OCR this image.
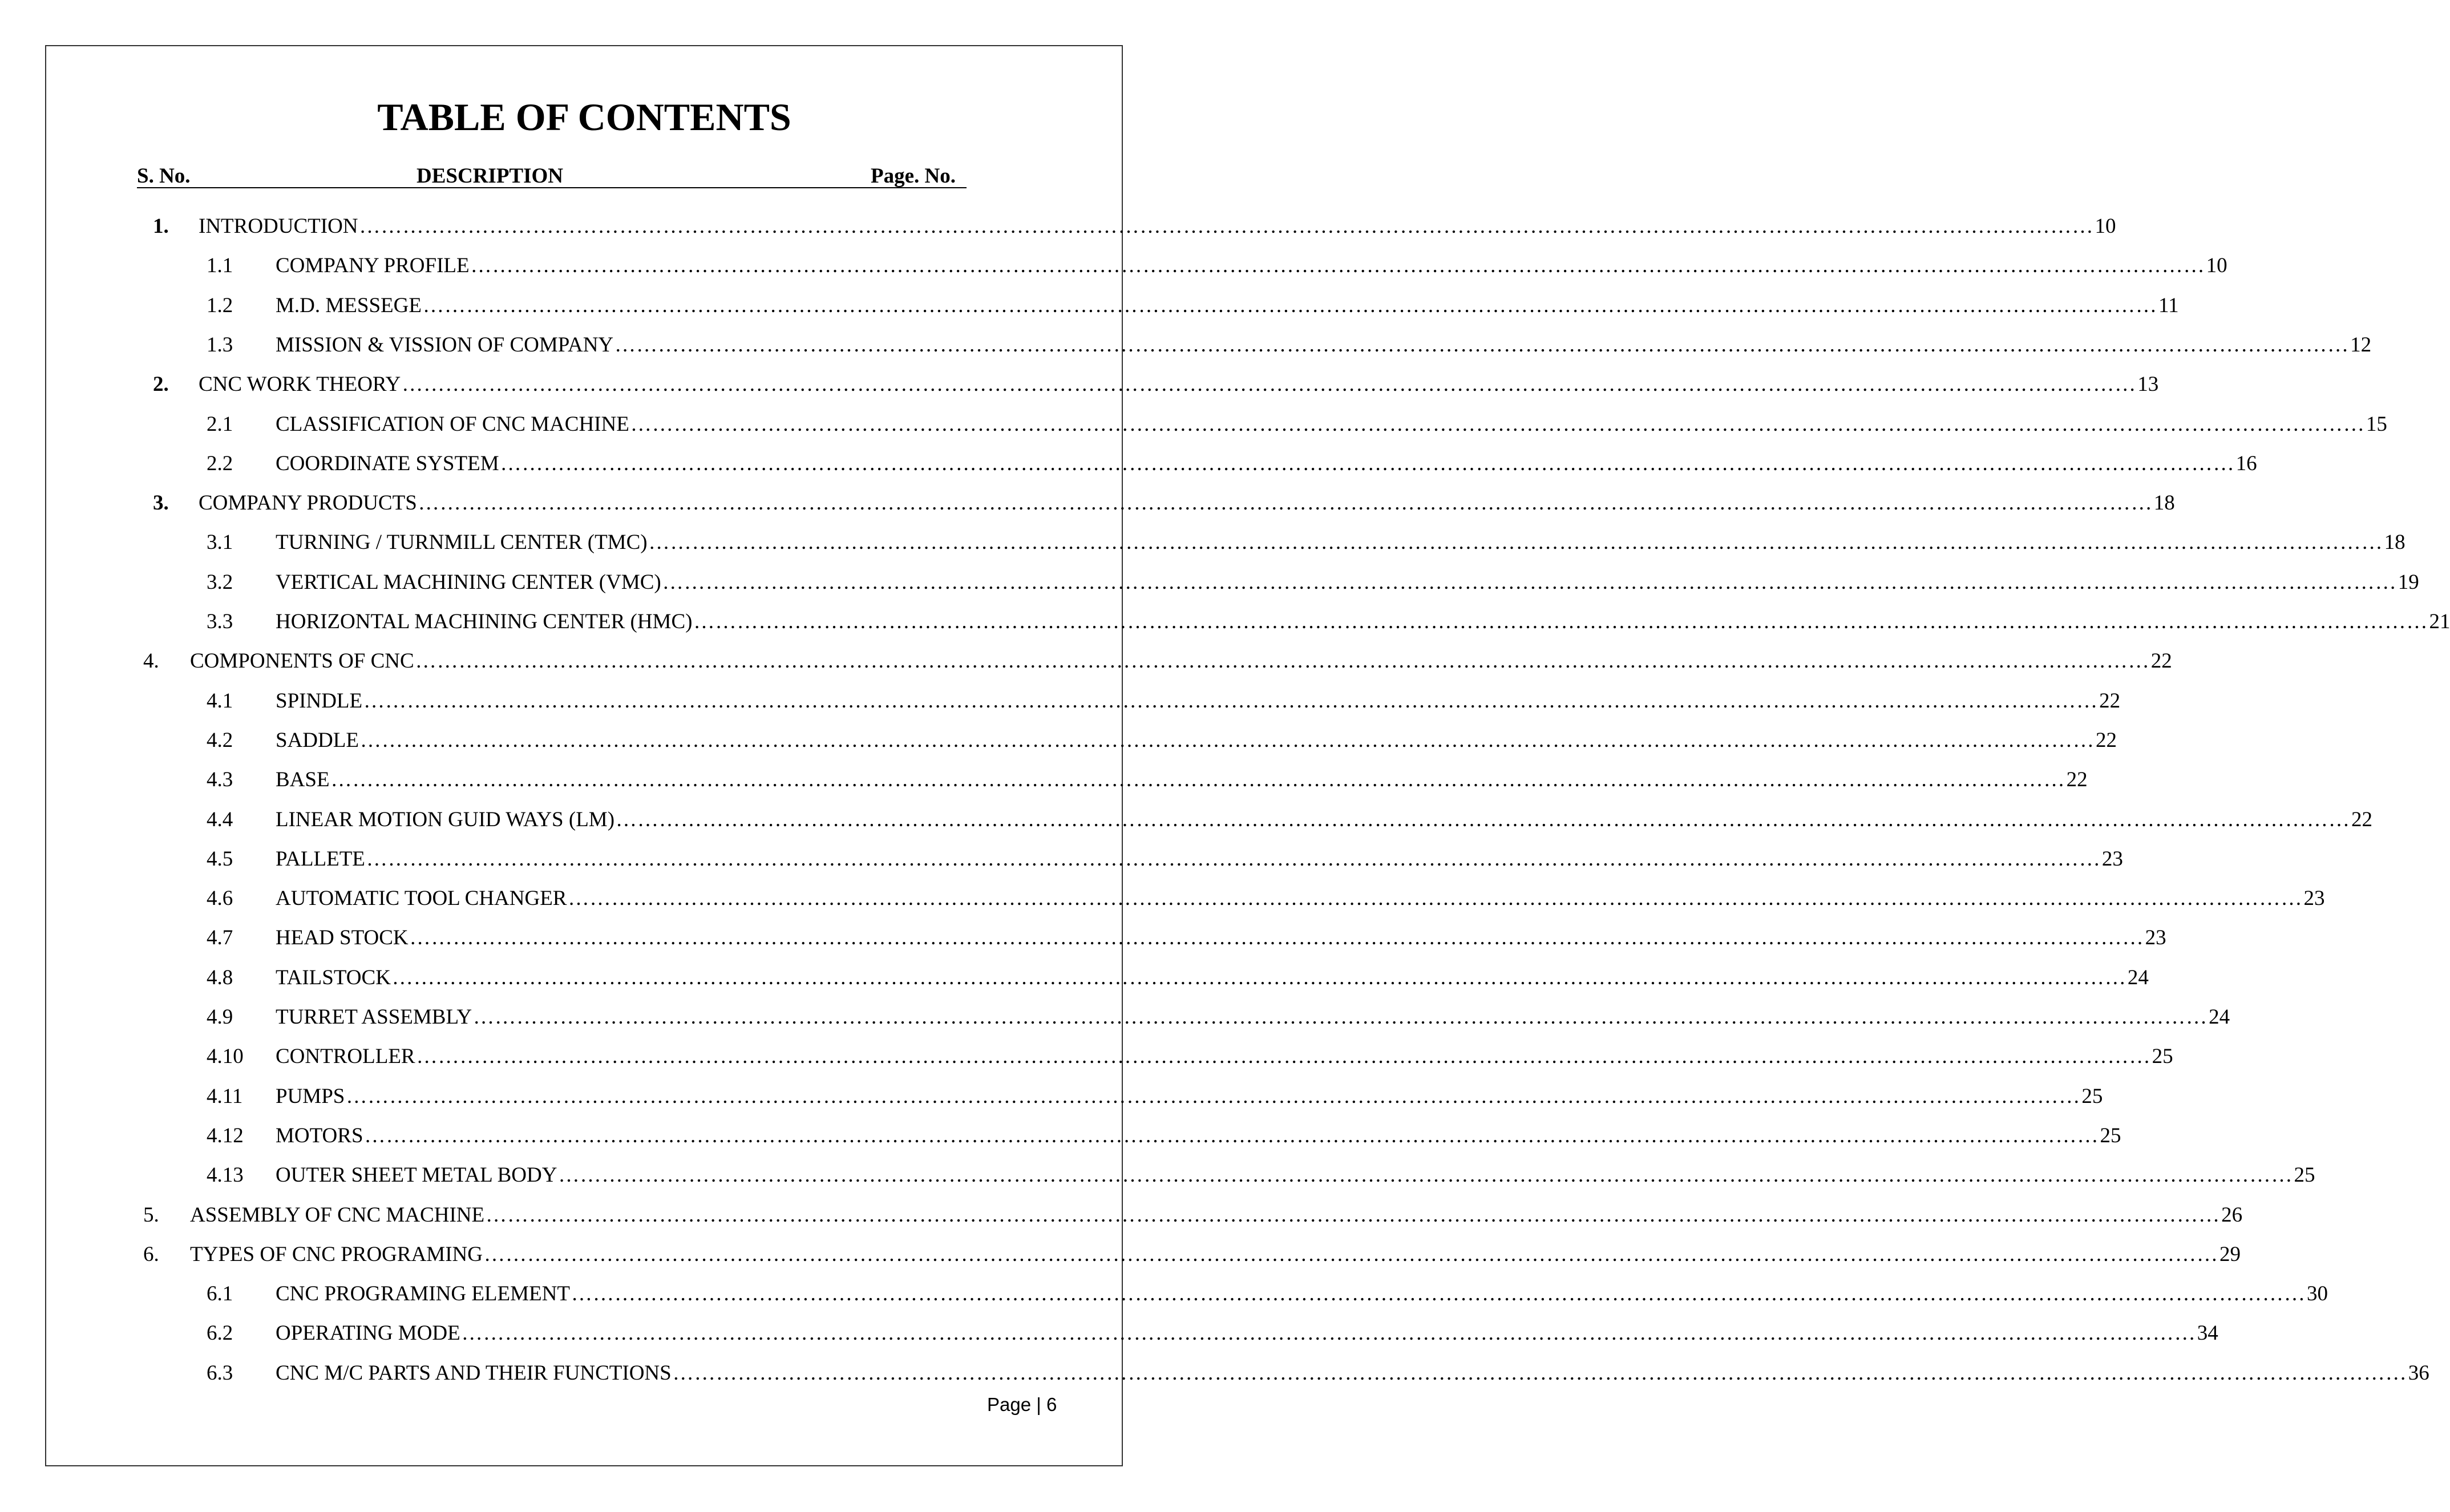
TABLE OF CONTENTS
S. No.	DESCRIPTION	Page. No.
1. INTRODUCTION …………………………………………………………………………………………………………………………………………………………………………………………………………………… 10
1.1 COMPANY PROFILE …………………………………………………………………………………………………………………………………………………………………………………………………………………… 10
1.2 M.D. MESSEGE …………………………………………………………………………………………………………………………………………………………………………………………………………………… 11
1.3 MISSION & VISSION OF COMPANY …………………………………………………………………………………………………………………………………………………………………………………………………………………… 12
2. CNC WORK THEORY …………………………………………………………………………………………………………………………………………………………………………………………………………………… 13
2.1 CLASSIFICATION OF CNC MACHINE …………………………………………………………………………………………………………………………………………………………………………………………………………………… 15
2.2 COORDINATE SYSTEM …………………………………………………………………………………………………………………………………………………………………………………………………………………… 16
3. COMPANY PRODUCTS …………………………………………………………………………………………………………………………………………………………………………………………………………………… 18
3.1 TURNING / TURNMILL CENTER (TMC) …………………………………………………………………………………………………………………………………………………………………………………………………………………… 18
3.2 VERTICAL MACHINING CENTER (VMC) …………………………………………………………………………………………………………………………………………………………………………………………………………………… 19
3.3 HORIZONTAL MACHINING CENTER (HMC) …………………………………………………………………………………………………………………………………………………………………………………………………………………… 21
4. COMPONENTS OF CNC …………………………………………………………………………………………………………………………………………………………………………………………………………………… 22
4.1 SPINDLE …………………………………………………………………………………………………………………………………………………………………………………………………………………… 22
4.2 SADDLE …………………………………………………………………………………………………………………………………………………………………………………………………………………… 22
4.3 BASE …………………………………………………………………………………………………………………………………………………………………………………………………………………… 22
4.4 LINEAR MOTION GUID WAYS (LM) …………………………………………………………………………………………………………………………………………………………………………………………………………………… 22
4.5 PALLETE …………………………………………………………………………………………………………………………………………………………………………………………………………………… 23
4.6 AUTOMATIC TOOL CHANGER …………………………………………………………………………………………………………………………………………………………………………………………………………………… 23
4.7 HEAD STOCK …………………………………………………………………………………………………………………………………………………………………………………………………………………… 23
4.8 TAILSTOCK …………………………………………………………………………………………………………………………………………………………………………………………………………………… 24
4.9 TURRET ASSEMBLY …………………………………………………………………………………………………………………………………………………………………………………………………………………… 24
4.10 CONTROLLER …………………………………………………………………………………………………………………………………………………………………………………………………………………… 25
4.11 PUMPS …………………………………………………………………………………………………………………………………………………………………………………………………………………… 25
4.12 MOTORS …………………………………………………………………………………………………………………………………………………………………………………………………………………… 25
4.13 OUTER SHEET METAL BODY …………………………………………………………………………………………………………………………………………………………………………………………………………………… 25
5. ASSEMBLY OF CNC MACHINE …………………………………………………………………………………………………………………………………………………………………………………………………………………… 26
6. TYPES OF CNC PROGRAMING …………………………………………………………………………………………………………………………………………………………………………………………………………………… 29
6.1 CNC PROGRAMING ELEMENT …………………………………………………………………………………………………………………………………………………………………………………………………………………… 30
6.2 OPERATING MODE …………………………………………………………………………………………………………………………………………………………………………………………………………………… 34
6.3 CNC M/C PARTS AND THEIR FUNCTIONS …………………………………………………………………………………………………………………………………………………………………………………………………………………… 36
Page | 6
